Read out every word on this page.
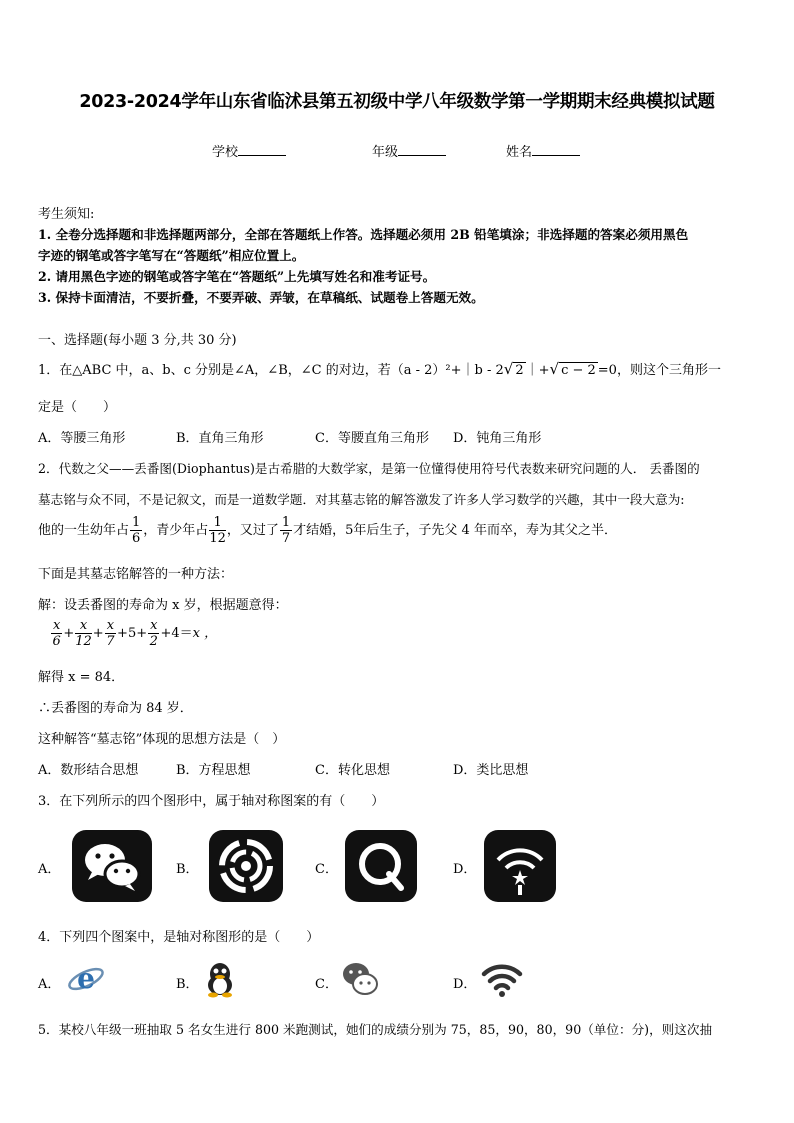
2023-2024学年山东省临沭县第五初级中学八年级数学第一学期期末经典模拟试题
学校	年级	姓名
考生须知:
1. 全卷分选择题和非选择题两部分，全部在答题纸上作答。选择题必须用 2B 铅笔填涂；非选择题的答案必须用黑色
字迹的钢笔或答字笔写在“答题纸”相应位置上。
2. 请用黑色字迹的钢笔或答字笔在“答题纸”上先填写姓名和准考证号。
3. 保持卡面清洁，不要折叠，不要弄破、弄皱，在草稿纸、试题卷上答题无效。
一、选择题(每小题 3 分,共 30 分)
1．在△ABC 中，a、b、c 分别是∠A，∠B，∠C 的对边，若（a - 2）²+｜b - 2√ 2 ｜+√ c − 2 =0，则这个三角形一
定是（　　）
A．等腰三角形	B．直角三角形	C．等腰直角三角形 D．钝角三角形
2．代数之父——丢番图(Diophantus)是古希腊的大数学家，是第一位懂得使用符号代表数来研究问题的人． 丢番图的
墓志铭与众不同，不是记叙文，而是一道数学题．对其墓志铭的解答激发了许多人学习数学的兴趣，其中一段大意为:
他的一生幼年占 $\frac{1}{6}$ ，青少年占 $\frac{1}{12}$ ，又过了 $\frac{1}{7}$ 才结婚，5年后生子，子先父 4 年而卒，寿为其父之半．
下面是其墓志铭解答的一种方法：
解：设丢番图的寿命为 x 岁，根据题意得：
$\frac{x}{6} + \frac{x}{12} + \frac{x}{7} +5+ \frac{x}{2} +4=x$ ，
解得 x = 84．
∴丢番图的寿命为 84 岁．
这种解答“墓志铭”体现的思想方法是（　）
A．数形结合思想	B．方程思想	C．转化思想	D．类比思想
3．在下列所示的四个图形中，属于轴对称图案的有（　　）
A．	B．	C．	D．
4．下列四个图案中，是轴对称图形的是（　　）
A． e	B．	C．	D．
5．某校八年级一班抽取 5 名女生进行 800 米跑测试，她们的成绩分别为 75，85，90，80，90（单位：分)，则这次抽
